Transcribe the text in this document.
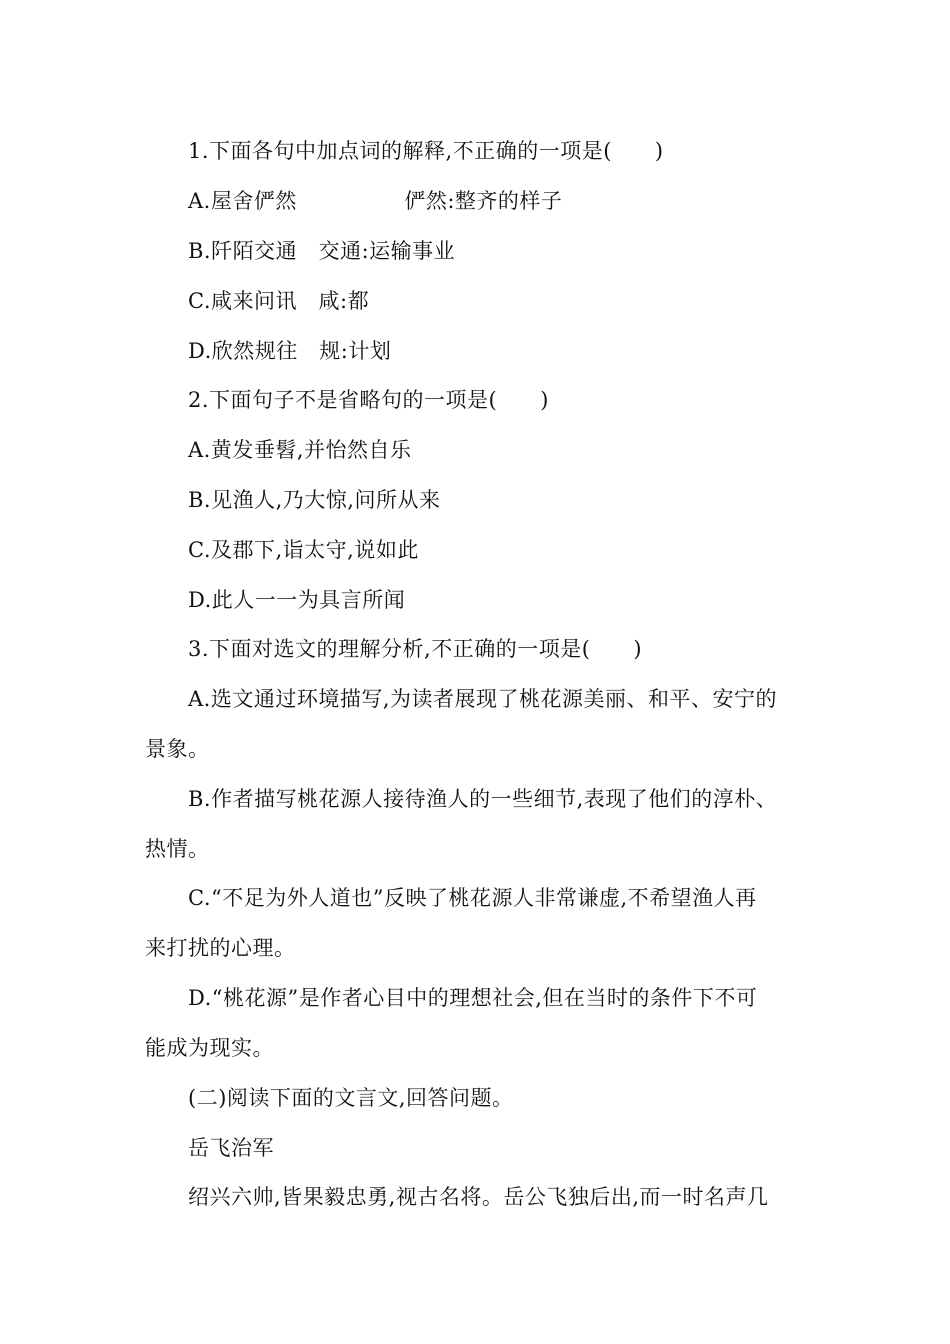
1.下面各句中加点词的解释,不正确的一项是(　　)
A.屋舍俨然　　　　　俨然:整齐的样子
B.阡陌交通　交通:运输事业
C.咸来问讯　咸:都
D.欣然规往　规:计划
2.下面句子不是省略句的一项是(　　)
A.黄发垂髫,并怡然自乐
B.见渔人,乃大惊,问所从来
C.及郡下,诣太守,说如此
D.此人一一为具言所闻
3.下面对选文的理解分析,不正确的一项是(　　)
A.选文通过环境描写,为读者展现了桃花源美丽、和平、安宁的
景象。
B.作者描写桃花源人接待渔人的一些细节,表现了他们的淳朴、
热情。
C.“不足为外人道也”反映了桃花源人非常谦虚,不希望渔人再
来打扰的心理。
D.“桃花源”是作者心目中的理想社会,但在当时的条件下不可
能成为现实。
(二)阅读下面的文言文,回答问题。
岳飞治军
绍兴六帅,皆果毅忠勇,视古名将。岳公飞独后出,而一时名声几
